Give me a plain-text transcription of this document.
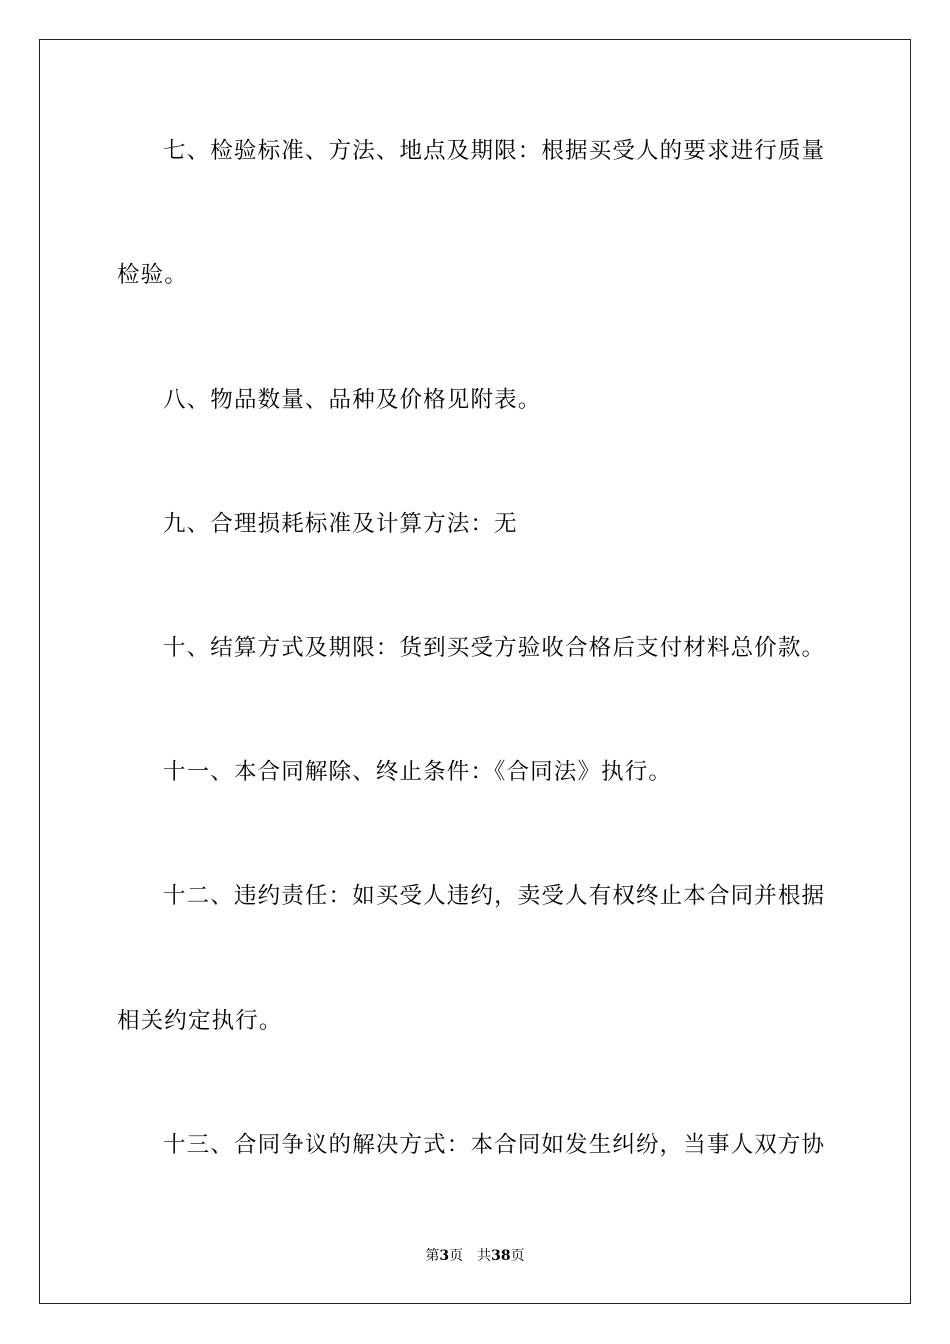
七、检验标准、方法、地点及期限：根据买受人的要求进行质量

检验。

八、物品数量、品种及价格见附表。

九、合理损耗标准及计算方法：无

十、结算方式及期限：货到买受方验收合格后支付材料总价款。

十一、本合同解除、终止条件：《合同法》执行。

十二、违约责任：如买受人违约，卖受人有权终止本合同并根据

相关约定执行。

十三、合同争议的解决方式：本合同如发生纠纷，当事人双方协

第3页 共38页
